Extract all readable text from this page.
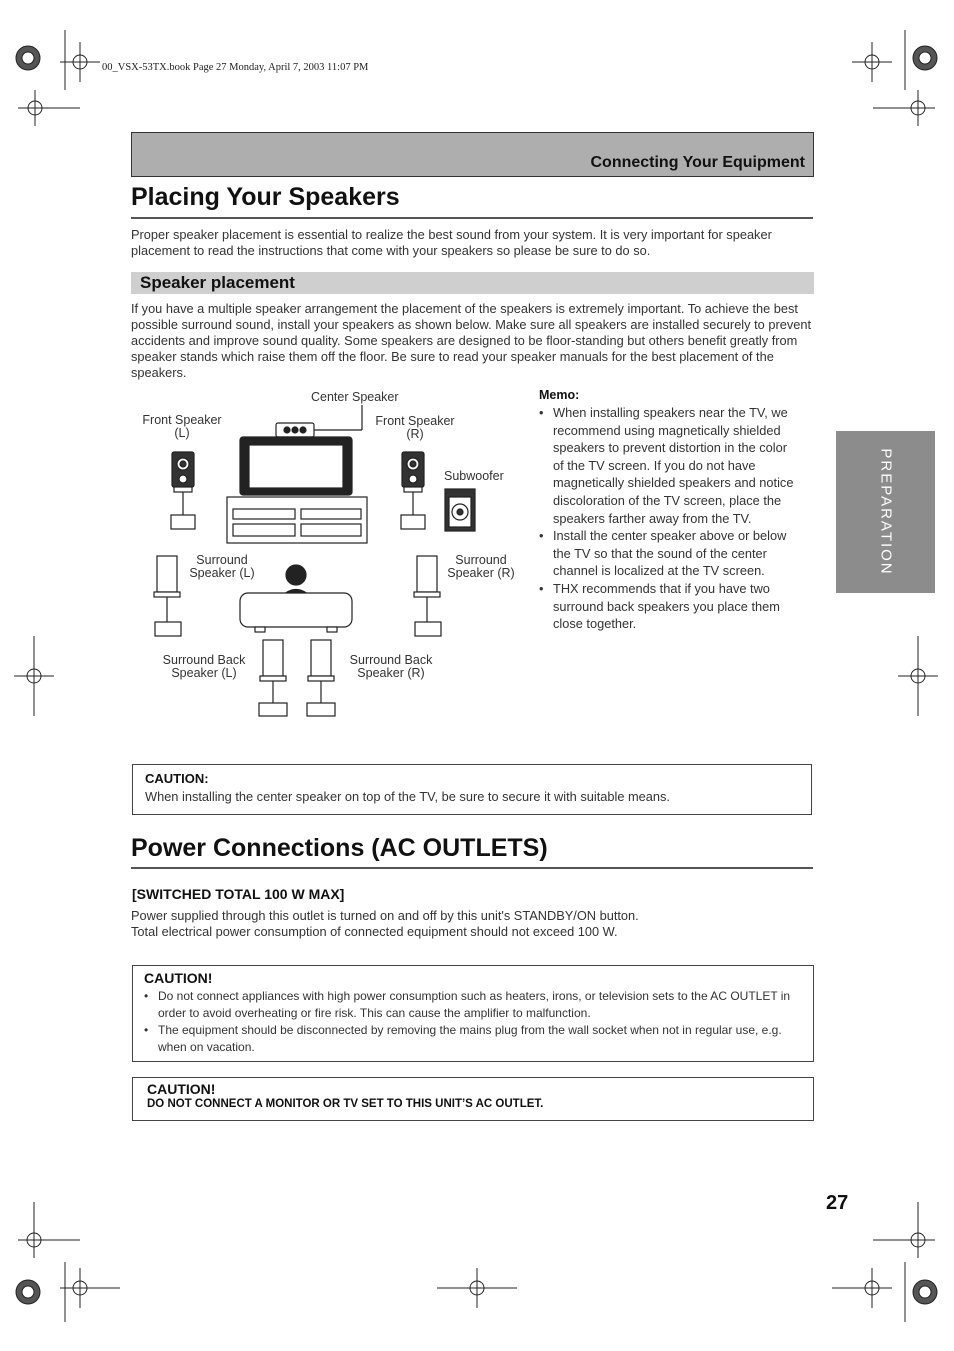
00_VSX-53TX.book Page 27 Monday, April 7, 2003 11:07 PM
Connecting Your Equipment
Placing Your Speakers
Proper speaker placement is essential to realize the best sound from your system. It is very important for speaker placement to read the instructions that come with your speakers so please be sure to do so.
Speaker placement
If you have a multiple speaker arrangement the placement of the speakers is extremely important. To achieve the best possible surround sound, install your speakers as shown below. Make sure all speakers are installed securely to prevent accidents and improve sound quality. Some speakers are designed to be floor-standing but others benefit greatly from speaker stands which raise them off the floor. Be sure to read your speaker manuals for the best placement of the speakers.
Center Speaker
Front Speaker
(L)
Front Speaker
(R)
Subwoofer
Surround
Speaker (L)
Surround
Speaker (R)
Surround Back
Speaker (L)
Surround Back
Speaker (R)
Memo:
• When installing speakers near the TV, we recommend using magnetically shielded speakers to prevent distortion in the color of the TV screen. If you do not have magnetically shielded speakers and notice discoloration of the TV screen, place the speakers farther away from the TV.
• Install the center speaker above or below the TV so that the sound of the center channel is localized at the TV screen.
• THX recommends that if you have two surround back speakers you place them close together.
CAUTION:
When installing the center speaker on top of the TV, be sure to secure it with suitable means.
Power Connections (AC OUTLETS)
[SWITCHED TOTAL 100 W MAX]
Power supplied through this outlet is turned on and off by this unit's STANDBY/ON button.
Total electrical power consumption of connected equipment should not exceed 100 W.
CAUTION!
• Do not connect appliances with high power consumption such as heaters, irons, or television sets to the AC OUTLET in order to avoid overheating or fire risk. This can cause the amplifier to malfunction.
• The equipment should be disconnected by removing the mains plug from the wall socket when not in regular use, e.g. when on vacation.
CAUTION!
DO NOT CONNECT A MONITOR OR TV SET TO THIS UNIT’S AC OUTLET.
PREPARATION
27
